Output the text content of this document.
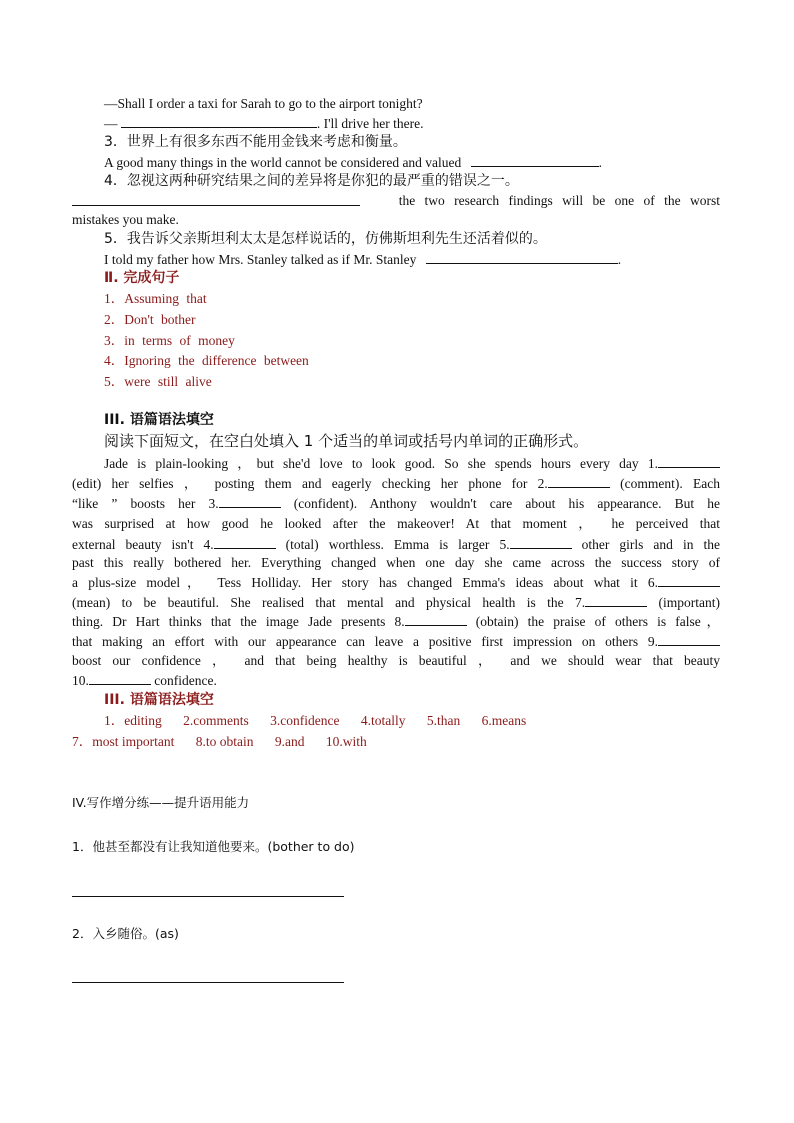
—Shall I order a taxi for Sarah to go to the airport tonight?
—	. I'll drive her there.
3．世界上有很多东西不能用金钱来考虑和衡量。
A good many things in the world cannot be considered and valued	.
4．忽视这两种研究结果之间的差异将是你犯的最严重的错误之一。
the two research findings will be one of the worst
mistakes you make.
5．我告诉父亲斯坦利太太是怎样说话的，仿佛斯坦利先生还活着似的。
I told my father how Mrs. Stanley talked as if Mr. Stanley	.
Ⅱ. 完成句子
1．Assuming that
2．Don't bother
3．in terms of money
4．Ignoring the difference between
5．were still alive
III. 语篇语法填空
阅读下面短文，在空白处填入 1 个适当的单词或括号内单词的正确形式。
Jade is plain-looking ，but she'd love to look good. So she spends hours every day 1.
(edit) her selfies ， posting them and eagerly checking her phone for 2.	(comment). Each
“like ” boosts her 3.	(confident). Anthony wouldn't care about his appearance. But he
was surprised at how good he looked after the makeover! At that moment ， he perceived that
external beauty isn't 4.	(total) worthless. Emma is larger 5.	other girls and in the
past this really bothered her. Everything changed when one day she came across the success story of
a plus-size model， Tess Holliday. Her story has changed Emma's ideas about what it 6.
(mean) to be beautiful. She realised that mental and physical health is the 7.	(important)
thing. Dr Hart thinks that the image Jade presents 8.	(obtain) the praise of others is false，
that making an effort with our appearance can leave a positive first impression on others 9.
boost our confidence ， and that being healthy is beautiful ， and we should wear that beauty
10.	confidence.
III. 语篇语法填空
1．editing 2.comments 3.confidence 4.totally 5.than 6.means
7．most important 8.to obtain 9.and 10.with
IV.写作增分练——提升语用能力
1．他甚至都没有让我知道他要来。(bother to do)
2．入乡随俗。(as)
